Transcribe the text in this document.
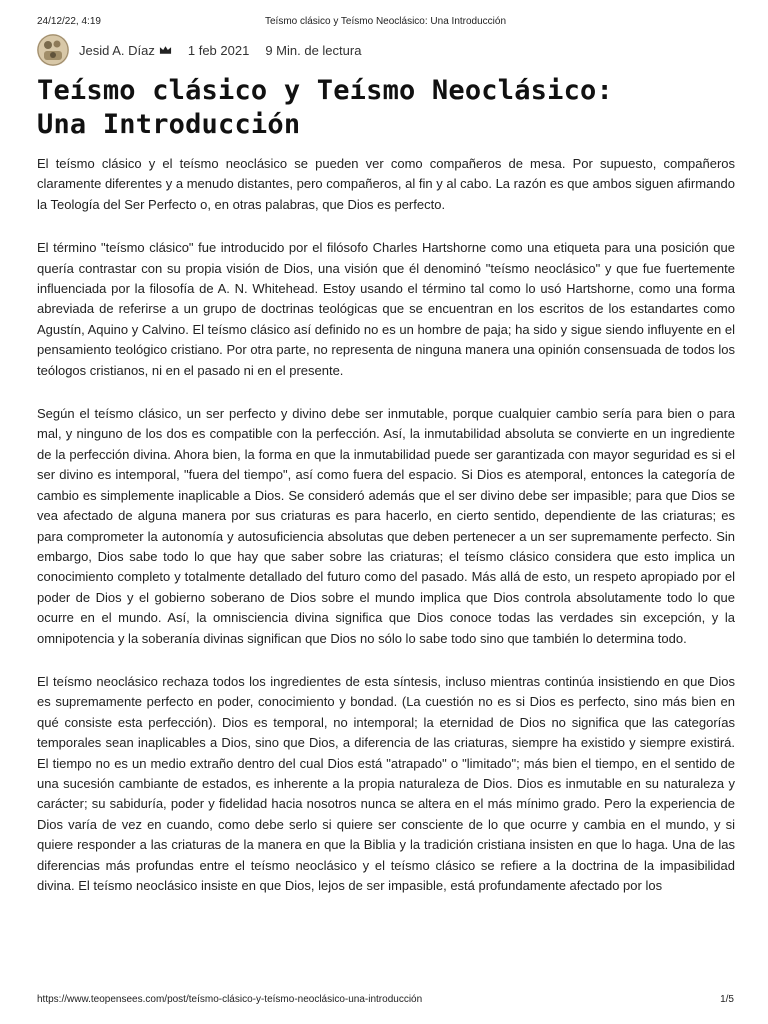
24/12/22, 4:19	Teísmo clásico y Teísmo Neoclásico: Una Introducción
Jesid A. Díaz	1 feb 2021 9 Min. de lectura
Teísmo clásico y Teísmo Neoclásico:
Una Introducción

El teísmo clásico y el teísmo neoclásico se pueden ver como compañeros de mesa. Por supuesto, compañeros claramente diferentes y a menudo distantes, pero compañeros, al fin y al cabo. La razón es que ambos siguen afirmando la Teología del Ser Perfecto o, en otras palabras, que Dios es perfecto.

El término "teísmo clásico" fue introducido por el filósofo Charles Hartshorne como una etiqueta para una posición que quería contrastar con su propia visión de Dios, una visión que él denominó "teísmo neoclásico" y que fue fuertemente influenciada por la filosofía de A. N. Whitehead. Estoy usando el término tal como lo usó Hartshorne, como una forma abreviada de referirse a un grupo de doctrinas teológicas que se encuentran en los escritos de los estandartes como Agustín, Aquino y Calvino. El teísmo clásico así definido no es un hombre de paja; ha sido y sigue siendo influyente en el pensamiento teológico cristiano. Por otra parte, no representa de ninguna manera una opinión consensuada de todos los teólogos cristianos, ni en el pasado ni en el presente.

Según el teísmo clásico, un ser perfecto y divino debe ser inmutable, porque cualquier cambio sería para bien o para mal, y ninguno de los dos es compatible con la perfección. Así, la inmutabilidad absoluta se convierte en un ingrediente de la perfección divina. Ahora bien, la forma en que la inmutabilidad puede ser garantizada con mayor seguridad es si el ser divino es intemporal, "fuera del tiempo", así como fuera del espacio. Si Dios es atemporal, entonces la categoría de cambio es simplemente inaplicable a Dios. Se consideró además que el ser divino debe ser impasible; para que Dios se vea afectado de alguna manera por sus criaturas es para hacerlo, en cierto sentido, dependiente de las criaturas; es para comprometer la autonomía y autosuficiencia absolutas que deben pertenecer a un ser supremamente perfecto. Sin embargo, Dios sabe todo lo que hay que saber sobre las criaturas; el teísmo clásico considera que esto implica un conocimiento completo y totalmente detallado del futuro como del pasado. Más allá de esto, un respeto apropiado por el poder de Dios y el gobierno soberano de Dios sobre el mundo implica que Dios controla absolutamente todo lo que ocurre en el mundo. Así, la omnisciencia divina significa que Dios conoce todas las verdades sin excepción, y la omnipotencia y la soberanía divinas significan que Dios no sólo lo sabe todo sino que también lo determina todo.

El teísmo neoclásico rechaza todos los ingredientes de esta síntesis, incluso mientras continúa insistiendo en que Dios es supremamente perfecto en poder, conocimiento y bondad. (La cuestión no es si Dios es perfecto, sino más bien en qué consiste esta perfección). Dios es temporal, no intemporal; la eternidad de Dios no significa que las categorías temporales sean inaplicables a Dios, sino que Dios, a diferencia de las criaturas, siempre ha existido y siempre existirá. El tiempo no es un medio extraño dentro del cual Dios está "atrapado" o "limitado"; más bien el tiempo, en el sentido de una sucesión cambiante de estados, es inherente a la propia naturaleza de Dios. Dios es inmutable en su naturaleza y carácter; su sabiduría, poder y fidelidad hacia nosotros nunca se altera en el más mínimo grado. Pero la experiencia de Dios varía de vez en cuando, como debe serlo si quiere ser consciente de lo que ocurre y cambia en el mundo, y si quiere responder a las criaturas de la manera en que la Biblia y la tradición cristiana insisten en que lo haga. Una de las diferencias más profundas entre el teísmo neoclásico y el teísmo clásico se refiere a la doctrina de la impasibilidad divina. El teísmo neoclásico insiste en que Dios, lejos de ser impasible, está profundamente afectado por los

https://www.teopensees.com/post/teísmo-clásico-y-teísmo-neoclásico-una-introducción	1/5
